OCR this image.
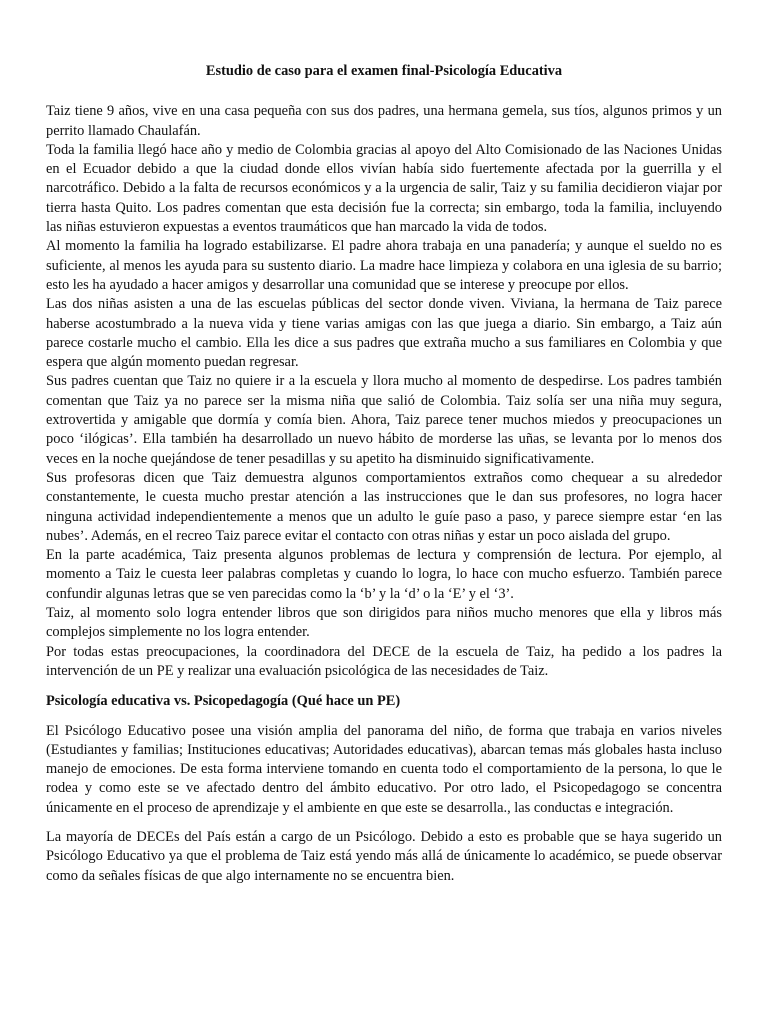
Estudio de caso para el examen final-Psicología Educativa

Taiz tiene 9 años, vive en una casa pequeña con sus dos padres, una hermana gemela, sus tíos, algunos primos y un perrito llamado Chaulafán.

Toda la familia llegó hace año y medio de Colombia gracias al apoyo del Alto Comisionado de las Naciones Unidas en el Ecuador debido a que la ciudad donde ellos vivían había sido fuertemente afectada por la guerrilla y el narcotráfico. Debido a la falta de recursos económicos y a la urgencia de salir, Taiz y su familia decidieron viajar por tierra hasta Quito. Los padres comentan que esta decisión fue la correcta; sin embargo, toda la familia, incluyendo las niñas estuvieron expuestas a eventos traumáticos que han marcado la vida de todos.

Al momento la familia ha logrado estabilizarse. El padre ahora trabaja en una panadería; y aunque el sueldo no es suficiente, al menos les ayuda para su sustento diario. La madre hace limpieza y colabora en una iglesia de su barrio; esto les ha ayudado a hacer amigos y desarrollar una comunidad que se interese y preocupe por ellos.

Las dos niñas asisten a una de las escuelas públicas del sector donde viven. Viviana, la hermana de Taiz parece haberse acostumbrado a la nueva vida y tiene varias amigas con las que juega a diario. Sin embargo, a Taiz aún parece costarle mucho el cambio. Ella les dice a sus padres que extraña mucho a sus familiares en Colombia y que espera que algún momento puedan regresar.

Sus padres cuentan que Taiz no quiere ir a la escuela y llora mucho al momento de despedirse. Los padres también comentan que Taiz ya no parece ser la misma niña que salió de Colombia. Taiz solía ser una niña muy segura, extrovertida y amigable que dormía y comía bien. Ahora, Taiz parece tener muchos miedos y preocupaciones un poco ‘ilógicas’. Ella también ha desarrollado un nuevo hábito de morderse las uñas, se levanta por lo menos dos veces en la noche quejándose de tener pesadillas y su apetito ha disminuido significativamente.

Sus profesoras dicen que Taiz demuestra algunos comportamientos extraños como chequear a su alrededor constantemente, le cuesta mucho prestar atención a las instrucciones que le dan sus profesores, no logra hacer ninguna actividad independientemente a menos que un adulto le guíe paso a paso, y parece siempre estar ‘en las nubes’. Además, en el recreo Taiz parece evitar el contacto con otras niñas y estar un poco aislada del grupo.

En la parte académica, Taiz presenta algunos problemas de lectura y comprensión de lectura. Por ejemplo, al momento a Taiz le cuesta leer palabras completas y cuando lo logra, lo hace con mucho esfuerzo. También parece confundir algunas letras que se ven parecidas como la ‘b’ y la ‘d’ o la ‘E’ y el ‘3’.

Taiz, al momento solo logra entender libros que son dirigidos para niños mucho menores que ella y libros más complejos simplemente no los logra entender.

Por todas estas preocupaciones, la coordinadora del DECE de la escuela de Taiz, ha pedido a los padres la intervención de un PE y realizar una evaluación psicológica de las necesidades de Taiz.

Psicología educativa vs. Psicopedagogía (Qué hace un PE)

El Psicólogo Educativo posee una visión amplia del panorama del niño, de forma que trabaja en varios niveles (Estudiantes y familias; Instituciones educativas; Autoridades educativas), abarcan temas más globales hasta incluso manejo de emociones. De esta forma interviene tomando en cuenta todo el comportamiento de la persona, lo que le rodea y como este se ve afectado dentro del ámbito educativo. Por otro lado, el Psicopedagogo se concentra únicamente en el proceso de aprendizaje y el ambiente en que este se desarrolla., las conductas e integración.

La mayoría de DECEs del País están a cargo de un Psicólogo. Debido a esto es probable que se haya sugerido un Psicólogo Educativo ya que el problema de Taiz está yendo más allá de únicamente lo académico, se puede observar como da señales físicas de que algo internamente no se encuentra bien.
